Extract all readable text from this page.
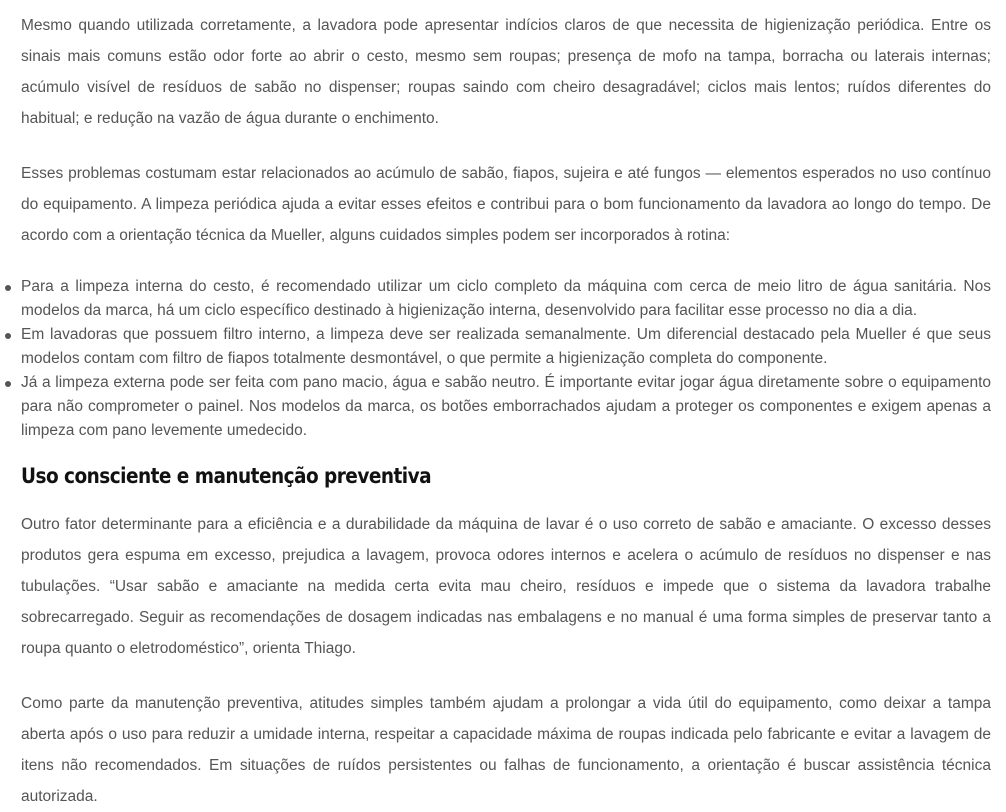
Mesmo quando utilizada corretamente, a lavadora pode apresentar indícios claros de que necessita de higienização periódica. Entre os sinais mais comuns estão odor forte ao abrir o cesto, mesmo sem roupas; presença de mofo na tampa, borracha ou laterais internas; acúmulo visível de resíduos de sabão no dispenser; roupas saindo com cheiro desagradável; ciclos mais lentos; ruídos diferentes do habitual; e redução na vazão de água durante o enchimento.

Esses problemas costumam estar relacionados ao acúmulo de sabão, fiapos, sujeira e até fungos — elementos esperados no uso contínuo do equipamento. A limpeza periódica ajuda a evitar esses efeitos e contribui para o bom funcionamento da lavadora ao longo do tempo. De acordo com a orientação técnica da Mueller, alguns cuidados simples podem ser incorporados à rotina:

Para a limpeza interna do cesto, é recomendado utilizar um ciclo completo da máquina com cerca de meio litro de água sanitária. Nos modelos da marca, há um ciclo específico destinado à higienização interna, desenvolvido para facilitar esse processo no dia a dia.
Em lavadoras que possuem filtro interno, a limpeza deve ser realizada semanalmente. Um diferencial destacado pela Mueller é que seus modelos contam com filtro de fiapos totalmente desmontável, o que permite a higienização completa do componente.
Já a limpeza externa pode ser feita com pano macio, água e sabão neutro. É importante evitar jogar água diretamente sobre o equipamento para não comprometer o painel. Nos modelos da marca, os botões emborrachados ajudam a proteger os componentes e exigem apenas a limpeza com pano levemente umedecido.
Uso consciente e manutenção preventiva

Outro fator determinante para a eficiência e a durabilidade da máquina de lavar é o uso correto de sabão e amaciante. O excesso desses produtos gera espuma em excesso, prejudica a lavagem, provoca odores internos e acelera o acúmulo de resíduos no dispenser e nas tubulações. “Usar sabão e amaciante na medida certa evita mau cheiro, resíduos e impede que o sistema da lavadora trabalhe sobrecarregado. Seguir as recomendações de dosagem indicadas nas embalagens e no manual é uma forma simples de preservar tanto a roupa quanto o eletrodoméstico”, orienta Thiago.

Como parte da manutenção preventiva, atitudes simples também ajudam a prolongar a vida útil do equipamento, como deixar a tampa aberta após o uso para reduzir a umidade interna, respeitar a capacidade máxima de roupas indicada pelo fabricante e evitar a lavagem de itens não recomendados. Em situações de ruídos persistentes ou falhas de funcionamento, a orientação é buscar assistência técnica autorizada.
